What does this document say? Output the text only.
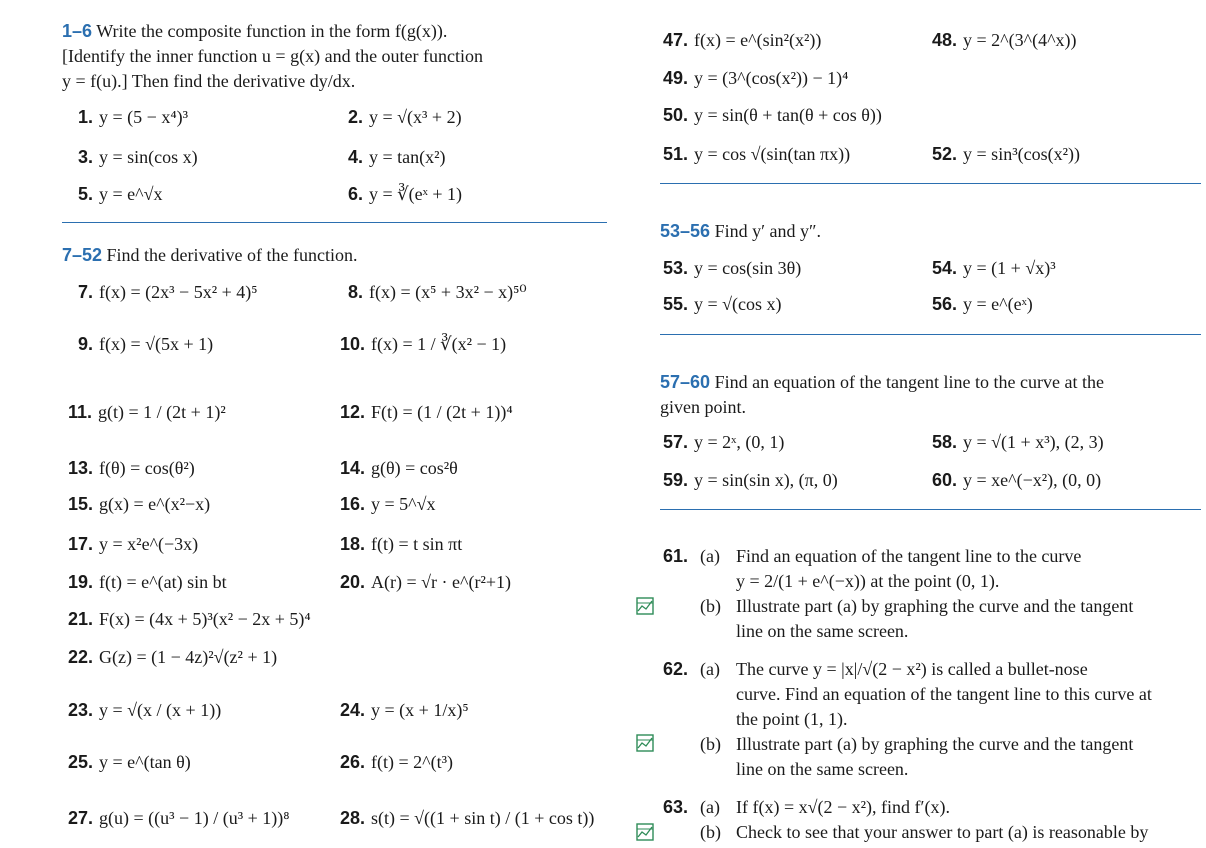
1–6 Write the composite function in the form f(g(x)).
[Identify the inner function u = g(x) and the outer function
y = f(u).] Then find the derivative dy/dx.
1. y = (5 − x⁴)³	2. y = √(x³ + 2)
3. y = sin(cos x)	4. y = tan(x²)
5. y = e^√x	6. y = ∛(eˣ + 1)
7–52 Find the derivative of the function.
7. f(x) = (2x³ − 5x² + 4)⁵	8. f(x) = (x⁵ + 3x² − x)⁵⁰
9. f(x) = √(5x + 1)	10. f(x) = 1 / ∛(x² − 1)
11. g(t) = 1 / (2t + 1)²	12. F(t) = (1 / (2t + 1))⁴
13. f(θ) = cos(θ²)	14. g(θ) = cos²θ
15. g(x) = e^(x²−x)	16. y = 5^√x
17. y = x²e^(−3x)	18. f(t) = t sin πt
19. f(t) = e^(at) sin bt	20. A(r) = √r · e^(r²+1)
21. F(x) = (4x + 5)³(x² − 2x + 5)⁴
22. G(z) = (1 − 4z)²√(z² + 1)
23. y = √(x / (x + 1))	24. y = (x + 1/x)⁵
25. y = e^(tan θ)	26. f(t) = 2^(t³)
27. g(u) = ((u³ − 1) / (u³ + 1))⁸	28. s(t) = √((1 + sin t) / (1 + cos t))
47. f(x) = e^(sin²(x²))	48. y = 2^(3^(4^x))
49. y = (3^(cos(x²)) − 1)⁴
50. y = sin(θ + tan(θ + cos θ))
51. y = cos √(sin(tan πx))	52. y = sin³(cos(x²))
53–56 Find y′ and y″.
53. y = cos(sin 3θ)	54. y = (1 + √x)³
55. y = √(cos x)	56. y = e^(eˣ)
57–60 Find an equation of the tangent line to the curve at the
given point.
57. y = 2ˣ, (0, 1)	58. y = √(1 + x³), (2, 3)
59. y = sin(sin x), (π, 0)	60. y = xe^(−x²), (0, 0)
61. (a) Find an equation of the tangent line to the curve
y = 2/(1 + e^(−x)) at the point (0, 1).
(b) Illustrate part (a) by graphing the curve and the tangent
line on the same screen.
62. (a) The curve y = |x|/√(2 − x²) is called a bullet-nose
curve. Find an equation of the tangent line to this curve at
the point (1, 1).
(b) Illustrate part (a) by graphing the curve and the tangent
line on the same screen.
63. (a) If f(x) = x√(2 − x²), find f′(x).
(b) Check to see that your answer to part (a) is reasonable by
